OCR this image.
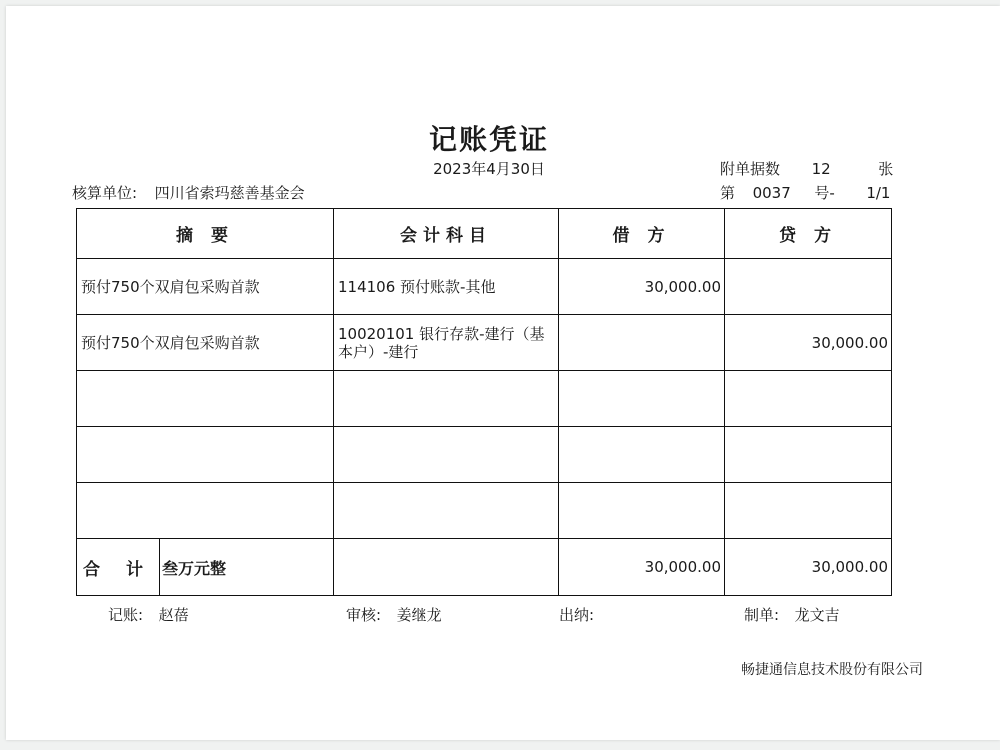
记账凭证
2023年4月30日	附单据数 12	张
核算单位: 四川省索玛慈善基金会	第 0037 号- 1/1
摘 要	会计科目	借 方	贷 方
预付750个双肩包采购首款	114106 预付账款-其他	30,000.00	
预付750个双肩包采购首款	10020101 银行存款-建行（基本户）-建行		30,000.00

合 计 叁万元整		30,000.00	30,000.00
记账: 赵蓓	审核: 姜继龙	出纳:	制单: 龙文吉
畅捷通信息技术股份有限公司
